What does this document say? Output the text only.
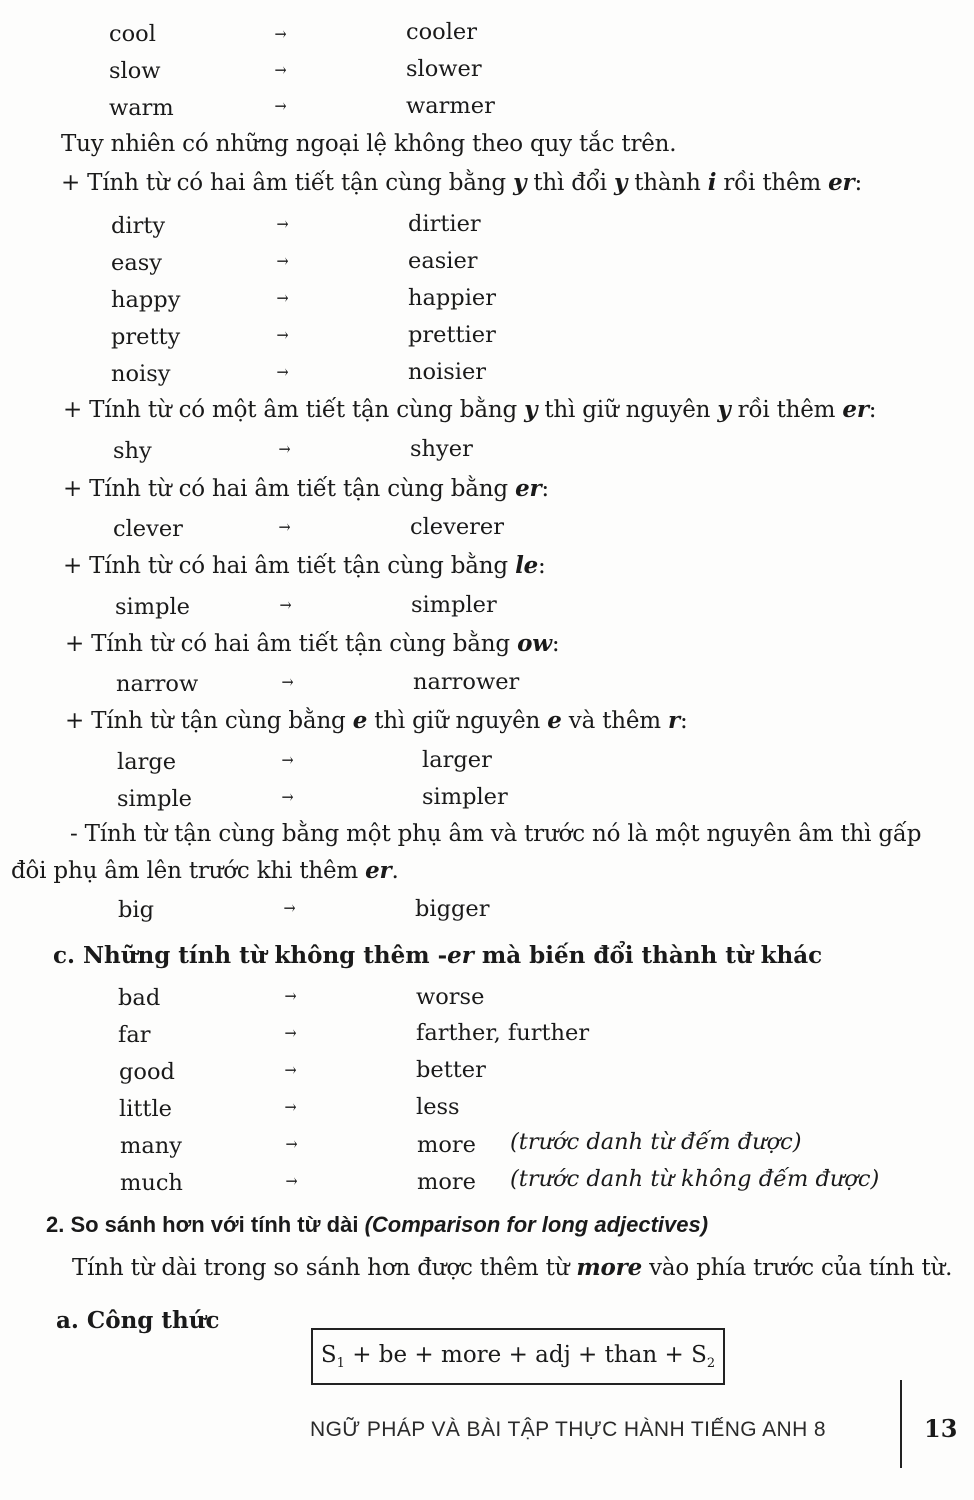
cool	→	cooler
slow	→	slower
warm	→	warmer
Tuy nhiên có những ngoại lệ không theo quy tắc trên.
+ Tính từ có hai âm tiết tận cùng bằng y thì đổi y thành i rồi thêm er:
dirty	→	dirtier
easy	→	easier
happy	→	happier
pretty	→	prettier
noisy	→	noisier
+ Tính từ có một âm tiết tận cùng bằng y thì giữ nguyên y rồi thêm er:
shy	→	shyer
+ Tính từ có hai âm tiết tận cùng bằng er:
clever	→	cleverer
+ Tính từ có hai âm tiết tận cùng bằng le:
simple	→	simpler
+ Tính từ có hai âm tiết tận cùng bằng ow:
narrow	→	narrower
+ Tính từ tận cùng bằng e thì giữ nguyên e và thêm r:
large	→	larger
simple	→	simpler
- Tính từ tận cùng bằng một phụ âm và trước nó là một nguyên âm thì gấp
đôi phụ âm lên trước khi thêm er.
big	→	bigger
c. Những tính từ không thêm -er mà biến đổi thành từ khác
bad	→	worse
far	→	farther, further
good	→	better
little	→	less
many	→	more (trước danh từ đếm được)
much	→	more (trước danh từ không đếm được)
2. So sánh hơn với tính từ dài (Comparison for long adjectives)
Tính từ dài trong so sánh hơn được thêm từ more vào phía trước của tính từ.
a. Công thức
$S_1$ + be + more + adj + than + $S_2$
NGỮ PHÁP VÀ BÀI TẬP THỰC HÀNH TIẾNG ANH 8	13
